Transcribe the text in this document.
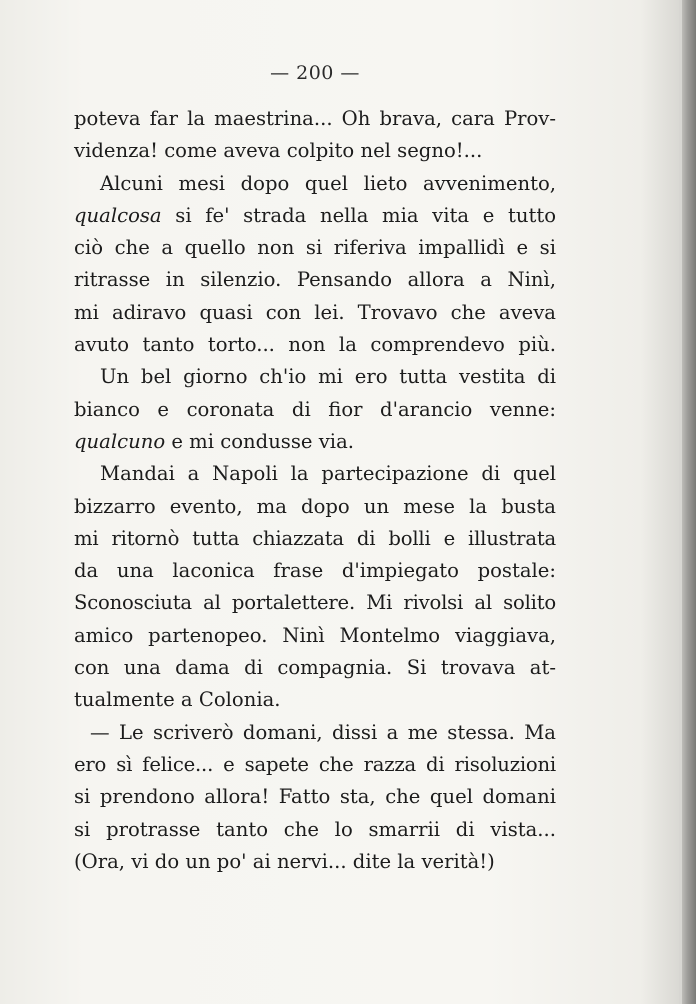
— 200 —
poteva far la maestrina... Oh brava, cara Prov-
videnza! come aveva colpito nel segno!...
Alcuni mesi dopo quel lieto avvenimento,
qualcosa si fe' strada nella mia vita e tutto
ciò che a quello non si riferiva impallidì e si
ritrasse in silenzio. Pensando allora a Ninì,
mi adiravo quasi con lei. Trovavo che aveva
avuto tanto torto... non la comprendevo più.
Un bel giorno ch'io mi ero tutta vestita di
bianco e coronata di fior d'arancio venne:
qualcuno e mi condusse via.
Mandai a Napoli la partecipazione di quel
bizzarro evento, ma dopo un mese la busta
mi ritornò tutta chiazzata di bolli e illustrata
da una laconica frase d'impiegato postale:
Sconosciuta al portalettere. Mi rivolsi al solito
amico partenopeo. Ninì Montelmo viaggiava,
con una dama di compagnia. Si trovava at-
tualmente a Colonia.
— Le scriverò domani, dissi a me stessa. Ma
ero sì felice... e sapete che razza di risoluzioni
si prendono allora! Fatto sta, che quel domani
si protrasse tanto che lo smarrii di vista...
(Ora, vi do un po' ai nervi... dite la verità!)
